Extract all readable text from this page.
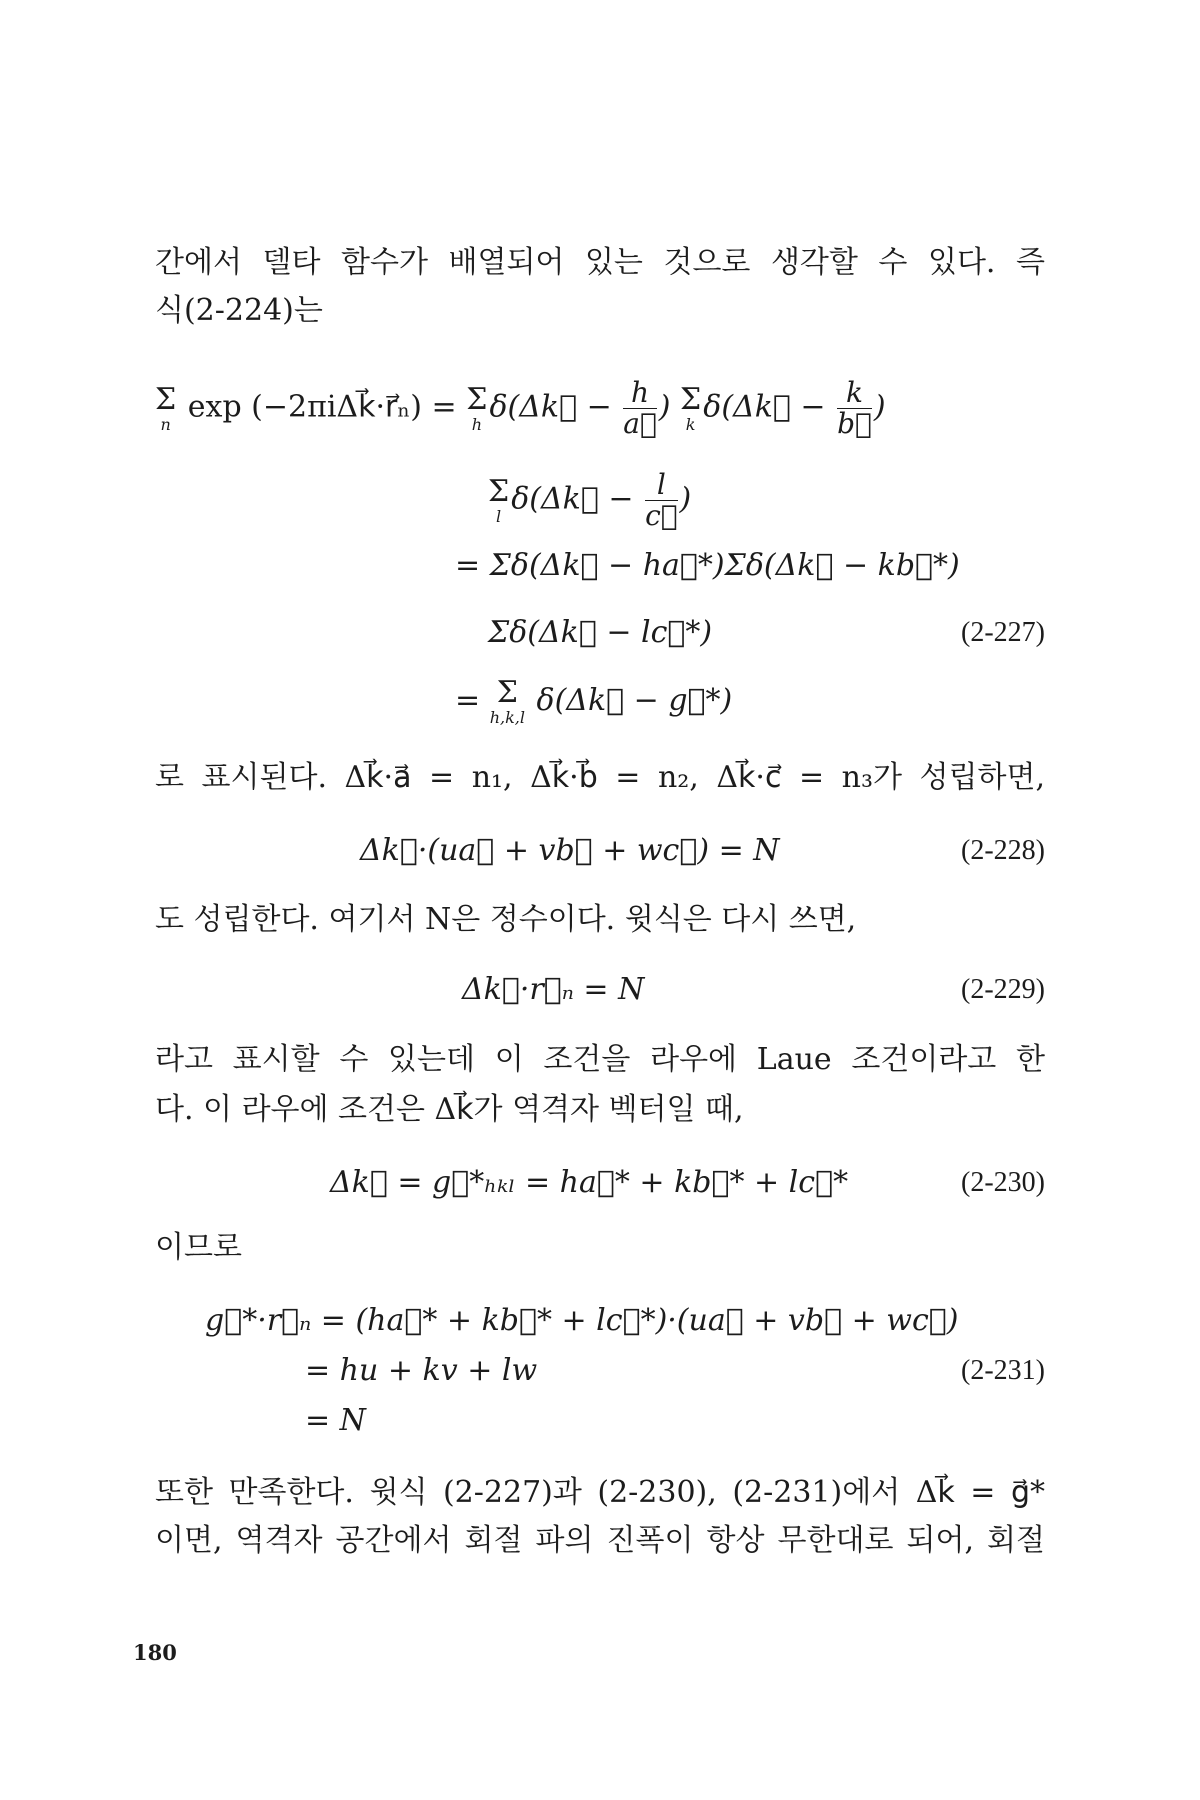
간에서 델타 함수가 배열되어 있는 것으로 생각할 수 있다. 즉
식(2-224)는
Σ
n exp (−2πiΔk⃗·r⃗ₙ) = Σ
h δ(Δk⃗ − $\frac{h}{a⃗}$ ) Σ
k δ(Δk⃗ − $\frac{k}{b⃗}$ )
Σ
l δ(Δk⃗ − $\frac{l}{c⃗}$ )
= Σδ(Δk⃗ − ha⃗*)Σδ(Δk⃗ − kb⃗*)
Σδ(Δk⃗ − lc⃗*)	(2-227)
= Σ
h,k,l δ(Δk⃗ − g⃗*)
로 표시된다. Δk⃗·a⃗ = n₁, Δk⃗·b⃗ = n₂, Δk⃗·c⃗ = n₃가 성립하면,
Δk⃗·(ua⃗ + vb⃗ + wc⃗) = N	(2-228)
도 성립한다. 여기서 N은 정수이다. 윗식은 다시 쓰면,
Δk⃗·r⃗ₙ = N	(2-229)
라고 표시할 수 있는데 이 조건을 라우에 Laue 조건이라고 한
다. 이 라우에 조건은 Δk⃗가 역격자 벡터일 때,
Δk⃗ = g⃗*ₕₖₗ = ha⃗* + kb⃗* + lc⃗*	(2-230)
이므로
g⃗*·r⃗ₙ = (ha⃗* + kb⃗* + lc⃗*)·(ua⃗ + vb⃗ + wc⃗)
= hu + kv + lw	(2-231)
= N
또한 만족한다. 윗식 (2-227)과 (2-230), (2-231)에서 Δk⃗ = g⃗*
이면, 역격자 공간에서 회절 파의 진폭이 항상 무한대로 되어, 회절
180
